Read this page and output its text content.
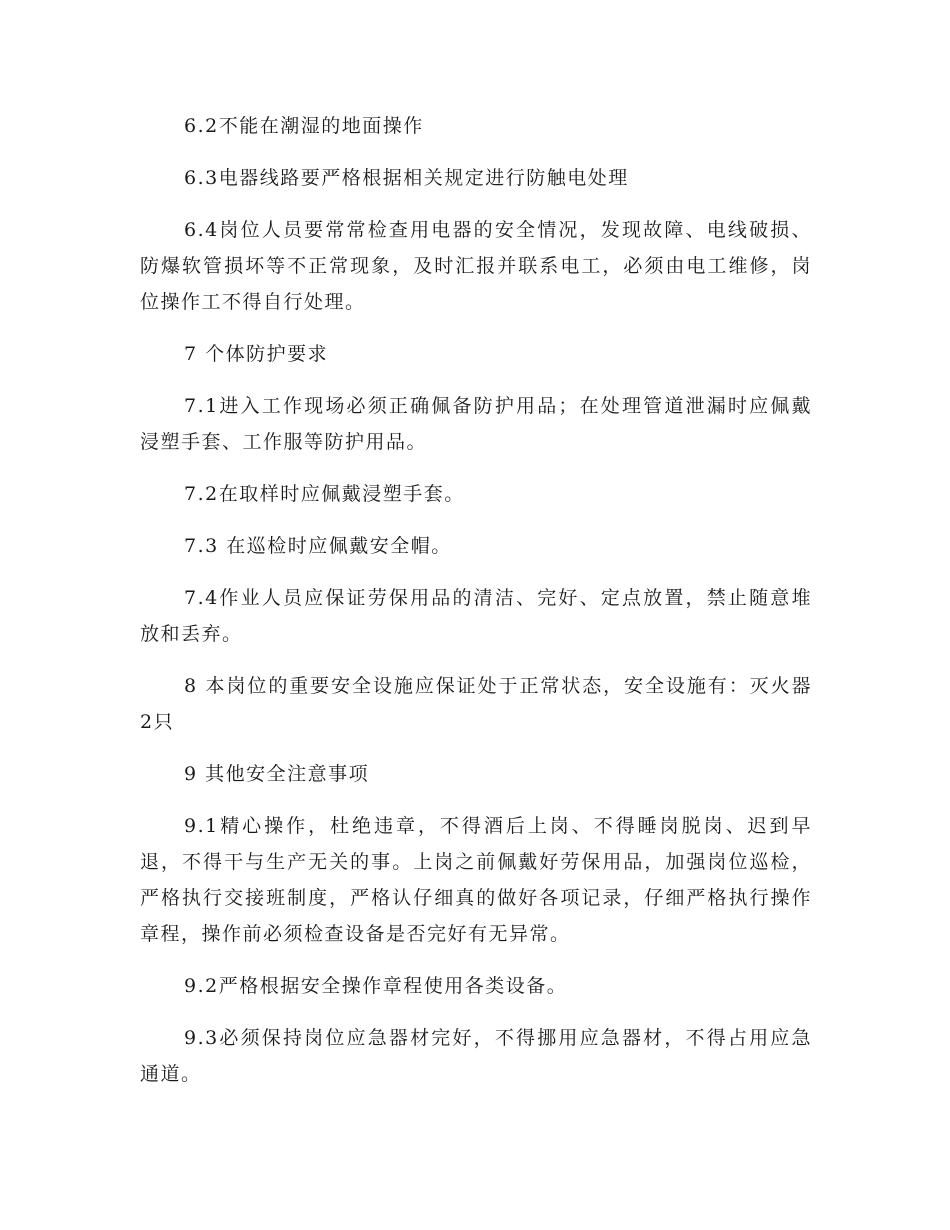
6.2不能在潮湿的地面操作

6.3电器线路要严格根据相关规定进行防触电处理

6.4岗位人员要常常检查用电器的安全情况，发现故障、电线破损、防爆软管损坏等不正常现象，及时汇报并联系电工，必须由电工维修，岗位操作工不得自行处理。

7 个体防护要求

7.1进入工作现场必须正确佩备防护用品；在处理管道泄漏时应佩戴浸塑手套、工作服等防护用品。

7.2在取样时应佩戴浸塑手套。

7.3 在巡检时应佩戴安全帽。

7.4作业人员应保证劳保用品的清洁、完好、定点放置，禁止随意堆放和丢弃。

8 本岗位的重要安全设施应保证处于正常状态，安全设施有：灭火器2只

9 其他安全注意事项

9.1精心操作，杜绝违章，不得酒后上岗、不得睡岗脱岗、迟到早退，不得干与生产无关的事。上岗之前佩戴好劳保用品，加强岗位巡检，严格执行交接班制度，严格认仔细真的做好各项记录，仔细严格执行操作章程，操作前必须检查设备是否完好有无异常。

9.2严格根据安全操作章程使用各类设备。

9.3必须保持岗位应急器材完好，不得挪用应急器材，不得占用应急通道。
